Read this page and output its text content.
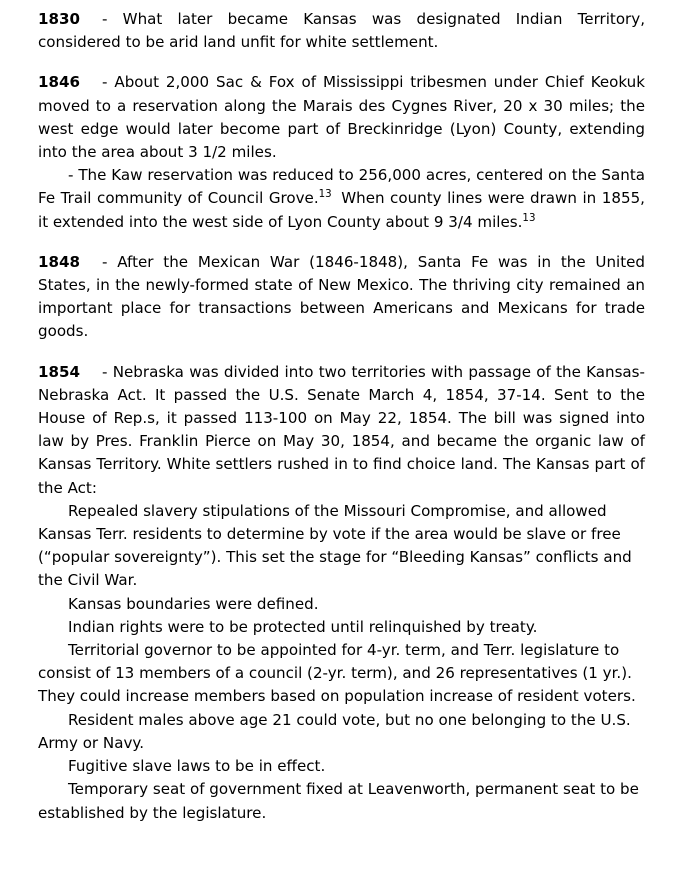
1830 - What later became Kansas was designated Indian Territory, considered to be arid land unfit for white settlement.

1846 - About 2,000 Sac & Fox of Mississippi tribesmen under Chief Keokuk moved to a reservation along the Marais des Cygnes River, 20 x 30 miles; the west edge would later become part of Breckinridge (Lyon) County, extending into the area about 3 1/2 miles.

- The Kaw reservation was reduced to 256,000 acres, centered on the Santa Fe Trail community of Council Grove.$^{13}$ When county lines were drawn in 1855, it extended into the west side of Lyon County about 9 3/4 miles.$^{13}$

1848 - After the Mexican War (1846-1848), Santa Fe was in the United States, in the newly-formed state of New Mexico. The thriving city remained an important place for transactions between Americans and Mexicans for trade goods.

1854 - Nebraska was divided into two territories with passage of the Kansas-Nebraska Act. It passed the U.S. Senate March 4, 1854, 37-14. Sent to the House of Rep.s, it passed 113-100 on May 22, 1854. The bill was signed into law by Pres. Franklin Pierce on May 30, 1854, and became the organic law of Kansas Territory. White settlers rushed in to find choice land. The Kansas part of the Act:

Repealed slavery stipulations of the Missouri Compromise, and allowed Kansas Terr. residents to determine by vote if the area would be slave or free (“popular sovereignty”). This set the stage for “Bleeding Kansas” conflicts and the Civil War.

Kansas boundaries were defined.

Indian rights were to be protected until relinquished by treaty.

Territorial governor to be appointed for 4-yr. term, and Terr. legislature to consist of 13 members of a council (2-yr. term), and 26 representatives (1 yr.). They could increase members based on population increase of resident voters.

Resident males above age 21 could vote, but no one belonging to the U.S. Army or Navy.

Fugitive slave laws to be in effect.

Temporary seat of government fixed at Leavenworth, permanent seat to be established by the legislature.
